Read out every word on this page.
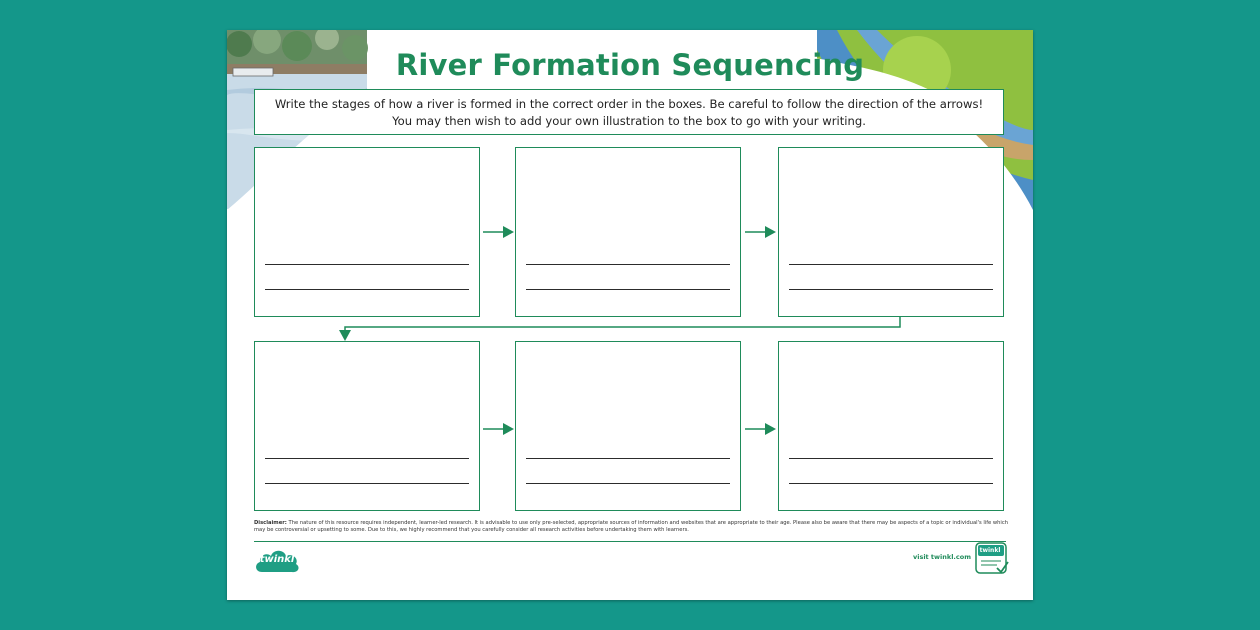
River Formation Sequencing
Write the stages of how a river is formed in the correct order in the boxes. Be careful to follow the direction of the arrows! You may then wish to add your own illustration to the box to go with your writing.
Disclaimer: The nature of this resource requires independent, learner-led research. It is advisable to use only pre-selected, appropriate sources of information and websites that are appropriate to their age. Please also be aware that there may be aspects of a topic or individual's life which may be controversial or upsetting to some. Due to this, we highly recommend that you carefully consider all research activities before undertaking them with learners.
twinkl	visit twinkl.com
twinkl
